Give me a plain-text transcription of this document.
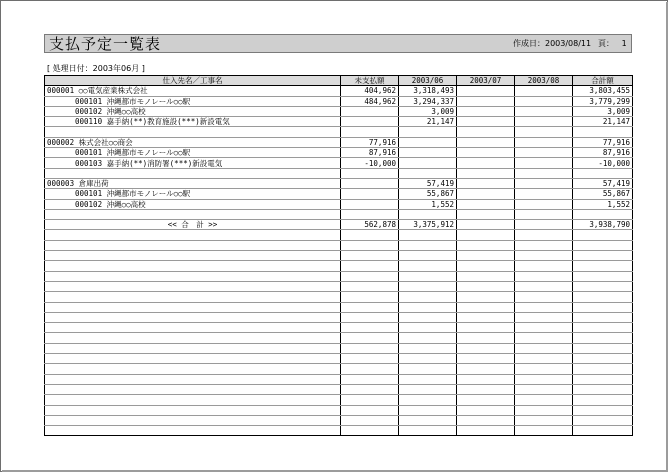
支払予定一覧表	作成日：2003/08/11 頁： 1
[ 処理日付：2003年06月 ]
仕入先名／工事名	未支払額	2003/06	2003/07	2003/08	合計額
000001 ○○電気産業株式会社	404,962	3,318,493			3,803,455
000101 沖縄都市モノレール○○駅	484,962	3,294,337			3,779,299
000102 沖縄○○高校		3,009			3,009
000110 嘉手納(**)教育施設(***)新設電気		21,147			21,147

000002 株式会社○○商会	77,916				77,916
000101 沖縄都市モノレール○○駅	87,916				87,916
000103 嘉手納(**)消防署(***)新設電気	-10,000				-10,000

000003 倉庫出荷		57,419			57,419
000101 沖縄都市モノレール○○駅		55,867			55,867
000102 沖縄○○高校		1,552			1,552

<< 合　計 >>	562,878	3,375,912			3,938,790
